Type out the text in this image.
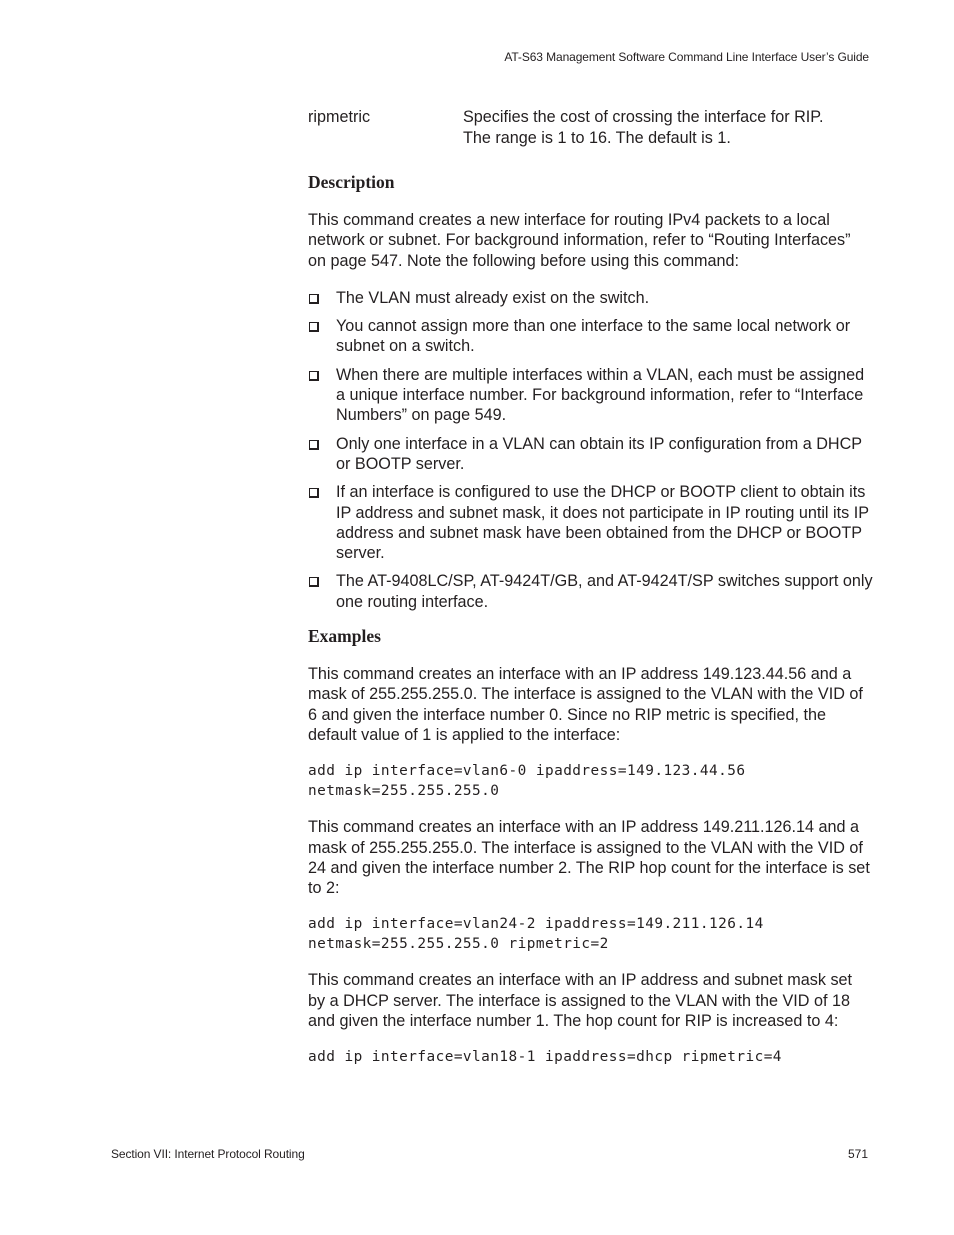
AT-S63 Management Software Command Line Interface User’s Guide
ripmetric	Specifies the cost of crossing the interface for RIP.
The range is 1 to 16. The default is 1.
Description

This command creates a new interface for routing IPv4 packets to a local network or subnet. For background information, refer to “Routing Interfaces” on page 547. Note the following before using this command:

The VLAN must already exist on the switch.
You cannot assign more than one interface to the same local network or subnet on a switch.
When there are multiple interfaces within a VLAN, each must be assigned a unique interface number. For background information, refer to “Interface Numbers” on page 549.
Only one interface in a VLAN can obtain its IP configuration from a DHCP or BOOTP server.
If an interface is configured to use the DHCP or BOOTP client to obtain its IP address and subnet mask, it does not participate in IP routing until its IP address and subnet mask have been obtained from the DHCP or BOOTP server.
The AT-9408LC/SP, AT-9424T/GB, and AT-9424T/SP switches support only one routing interface.
Examples

This command creates an interface with an IP address 149.123.44.56 and a mask of 255.255.255.0. The interface is assigned to the VLAN with the VID of 6 and given the interface number 0. Since no RIP metric is specified, the default value of 1 is applied to the interface:

add ip interface=vlan6-0 ipaddress=149.123.44.56
netmask=255.255.255.0

This command creates an interface with an IP address 149.211.126.14 and a mask of 255.255.255.0. The interface is assigned to the VLAN with the VID of 24 and given the interface number 2. The RIP hop count for the interface is set to 2:

add ip interface=vlan24-2 ipaddress=149.211.126.14
netmask=255.255.255.0 ripmetric=2

This command creates an interface with an IP address and subnet mask set by a DHCP server. The interface is assigned to the VLAN with the VID of 18 and given the interface number 1. The hop count for RIP is increased to 4:

add ip interface=vlan18-1 ipaddress=dhcp ripmetric=4
Section VII: Internet Protocol Routing	571
